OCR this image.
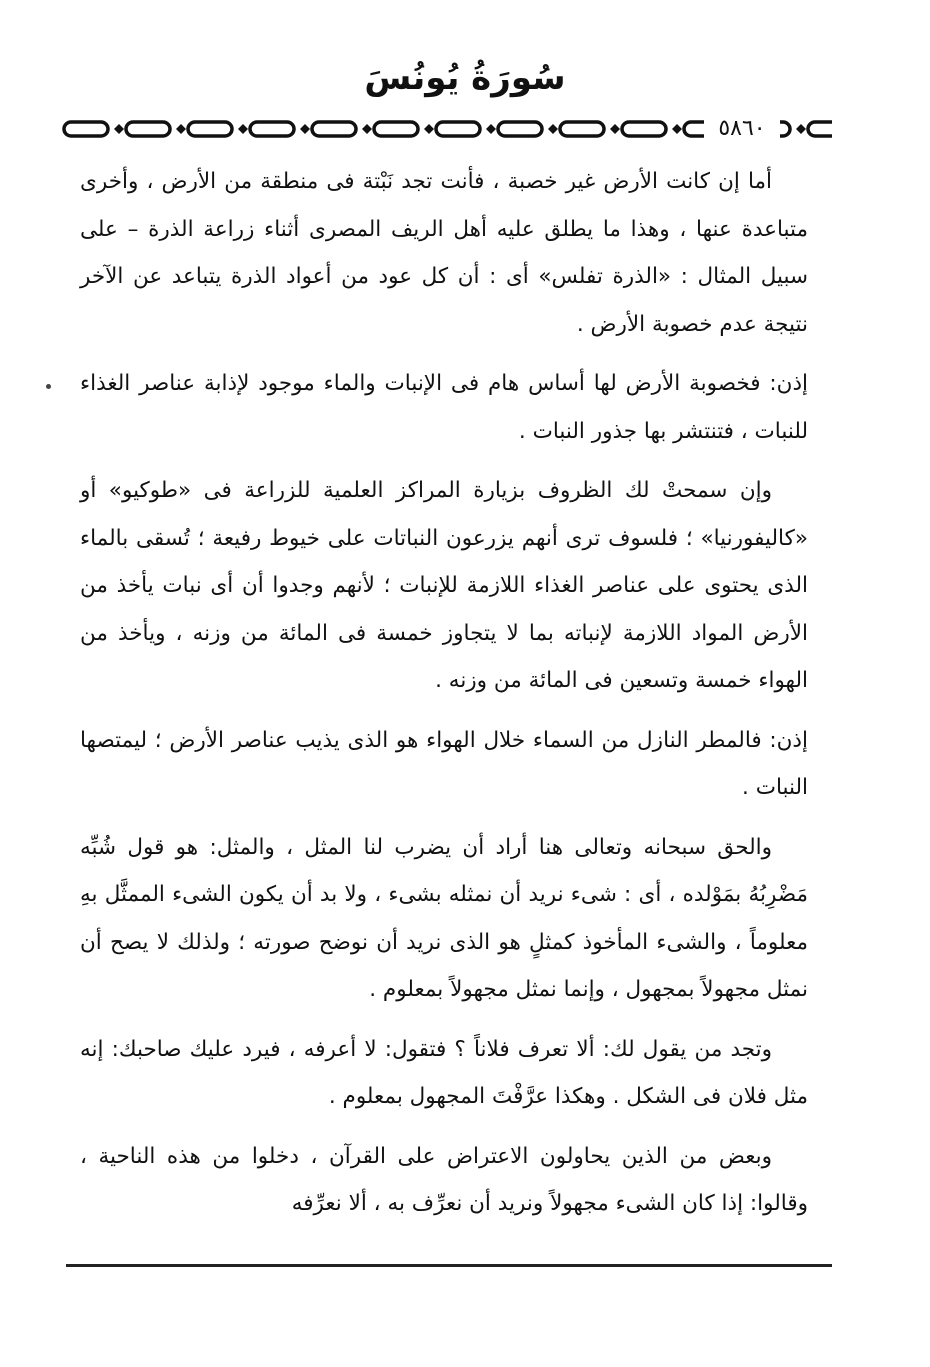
سُورَةُ يُونُسَ
٥٨٦٠

أما إن كانت الأرض غير خصبة ، فأنت تجد نَبْتة فى منطقة من الأرض ، وأخرى متباعدة عنها ، وهذا ما يطلق عليه أهل الريف المصرى أثناء زراعة الذرة – على سبيل المثال : «الذرة تفلس» أى : أن كل عود من أعواد الذرة يتباعد عن الآخر نتيجة عدم خصوبة الأرض .

إذن: فخصوبة الأرض لها أساس هام فى الإنبات والماء موجود لإذابة عناصر الغذاء للنبات ، فتنتشر بها جذور النبات .

وإن سمحتْ لك الظروف بزيارة المراكز العلمية للزراعة فى «طوكيو» أو «كاليفورنيا» ؛ فلسوف ترى أنهم يزرعون النباتات على خيوط رفيعة ؛ تُسقى بالماء الذى يحتوى على عناصر الغذاء اللازمة للإنبات ؛ لأنهم وجدوا أن أى نبات يأخذ من الأرض المواد اللازمة لإنباته بما لا يتجاوز خمسة فى المائة من وزنه ، ويأخذ من الهواء خمسة وتسعين فى المائة من وزنه .

إذن: فالمطر النازل من السماء خلال الهواء هو الذى يذيب عناصر الأرض ؛ ليمتصها النبات .

والحق سبحانه وتعالى هنا أراد أن يضرب لنا المثل ، والمثل: هو قول شُبِّه مَضْرِبُهُ بمَوْلده ، أى : شىء نريد أن نمثله بشىء ، ولا بد أن يكون الشىء الممثَّل بهِ معلوماً ، والشىء المأخوذ كمثلٍ هو الذى نريد أن نوضح صورته ؛ ولذلك لا يصح أن نمثل مجهولاً بمجهول ، وإنما نمثل مجهولاً بمعلوم .

وتجد من يقول لك: ألا تعرف فلاناً ؟ فتقول: لا أعرفه ، فيرد عليك صاحبك: إنه مثل فلان فى الشكل . وهكذا عرَّفْتَ المجهول بمعلوم .

وبعض من الذين يحاولون الاعتراض على القرآن ، دخلوا من هذه الناحية ، وقالوا: إذا كان الشىء مجهولاً ونريد أن نعرِّف به ، ألا نعرِّفه
